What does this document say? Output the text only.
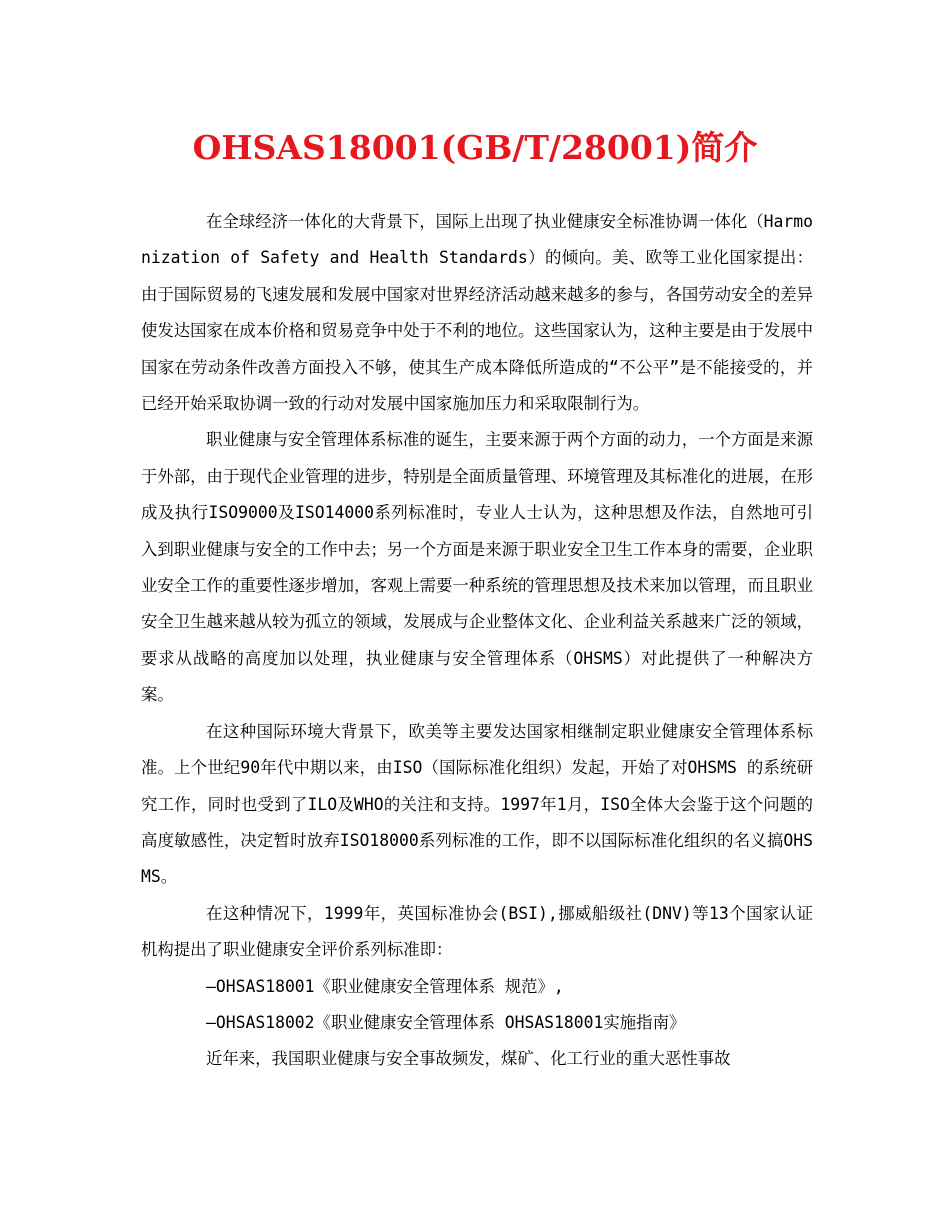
OHSAS18001(GB/T/28001)简介

在全球经济一体化的大背景下，国际上出现了执业健康安全标准协调一体化（Harmonization of Safety and Health Standards）的倾向。美、欧等工业化国家提出：由于国际贸易的飞速发展和发展中国家对世界经济活动越来越多的参与，各国劳动安全的差异使发达国家在成本价格和贸易竞争中处于不利的地位。这些国家认为，这种主要是由于发展中国家在劳动条件改善方面投入不够，使其生产成本降低所造成的“不公平”是不能接受的，并已经开始采取协调一致的行动对发展中国家施加压力和采取限制行为。

职业健康与安全管理体系标准的诞生，主要来源于两个方面的动力，一个方面是来源于外部，由于现代企业管理的进步，特别是全面质量管理、环境管理及其标准化的进展，在形成及执行ISO9000及ISO14000系列标准时，专业人士认为，这种思想及作法，自然地可引入到职业健康与安全的工作中去；另一个方面是来源于职业安全卫生工作本身的需要，企业职业安全工作的重要性逐步增加，客观上需要一种系统的管理思想及技术来加以管理，而且职业安全卫生越来越从较为孤立的领域，发展成与企业整体文化、企业利益关系越来广泛的领域，要求从战略的高度加以处理，执业健康与安全管理体系（OHSMS）对此提供了一种解决方案。

在这种国际环境大背景下，欧美等主要发达国家相继制定职业健康安全管理体系标准。上个世纪90年代中期以来，由ISO（国际标准化组织）发起，开始了对OHSMS 的系统研究工作，同时也受到了ILO及WHO的关注和支持。1997年1月，ISO全体大会鉴于这个问题的高度敏感性，决定暂时放弃ISO18000系列标准的工作，即不以国际标准化组织的名义搞OHSMS。

在这种情况下，1999年，英国标准协会(BSI),挪威船级社(DNV)等13个国家认证机构提出了职业健康安全评价系列标准即：

—OHSAS18001《职业健康安全管理体系 规范》,

—OHSAS18002《职业健康安全管理体系 OHSAS18001实施指南》

近年来，我国职业健康与安全事故频发，煤矿、化工行业的重大恶性事故
